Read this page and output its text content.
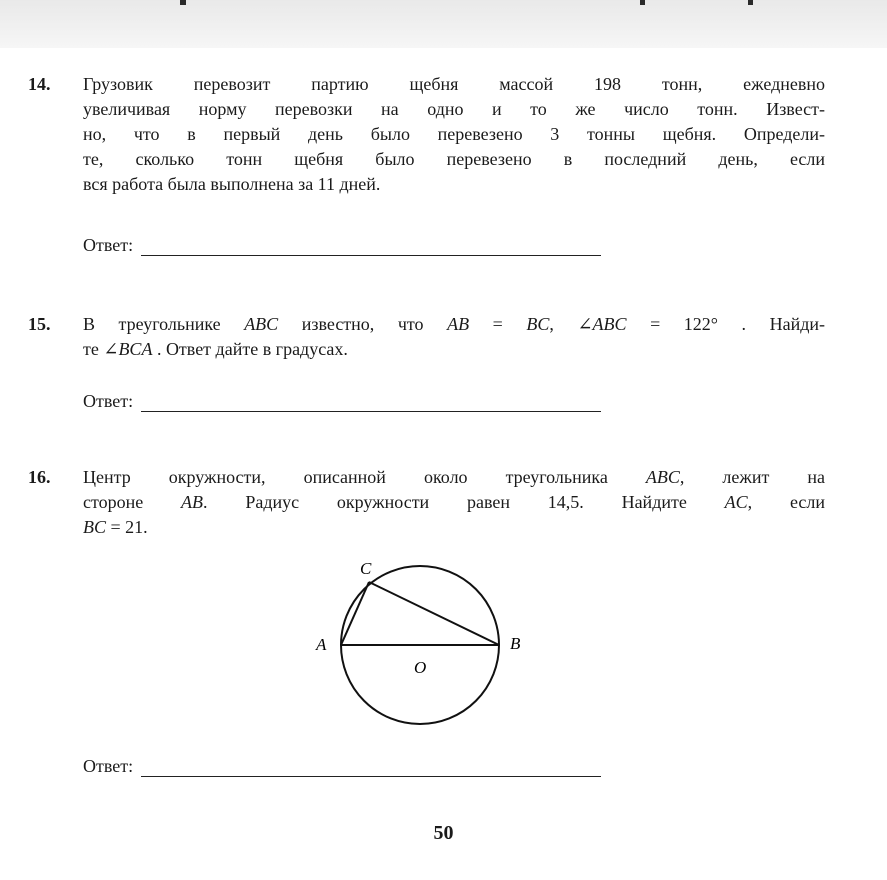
14. Грузовик перевозит партию щебня массой 198 тонн, ежедневно
увеличивая норму перевозки на одно и то же число тонн. Извест-
но, что в первый день было перевезено 3 тонны щебня. Определи-
те, сколько тонн щебня было перевезено в последний день, если
вся работа была выполнена за 11 дней.
Ответ:
15. В треугольнике ABC известно, что AB = BC, ∠ABC = 122° . Найди-
те ∠BCA . Ответ дайте в градусах.
Ответ:
16. Центр окружности, описанной около треугольника ABC, лежит на
стороне AB. Радиус окружности равен 14,5. Найдите AC, если
BC = 21.
Ответ:
C
A	B
O
50
